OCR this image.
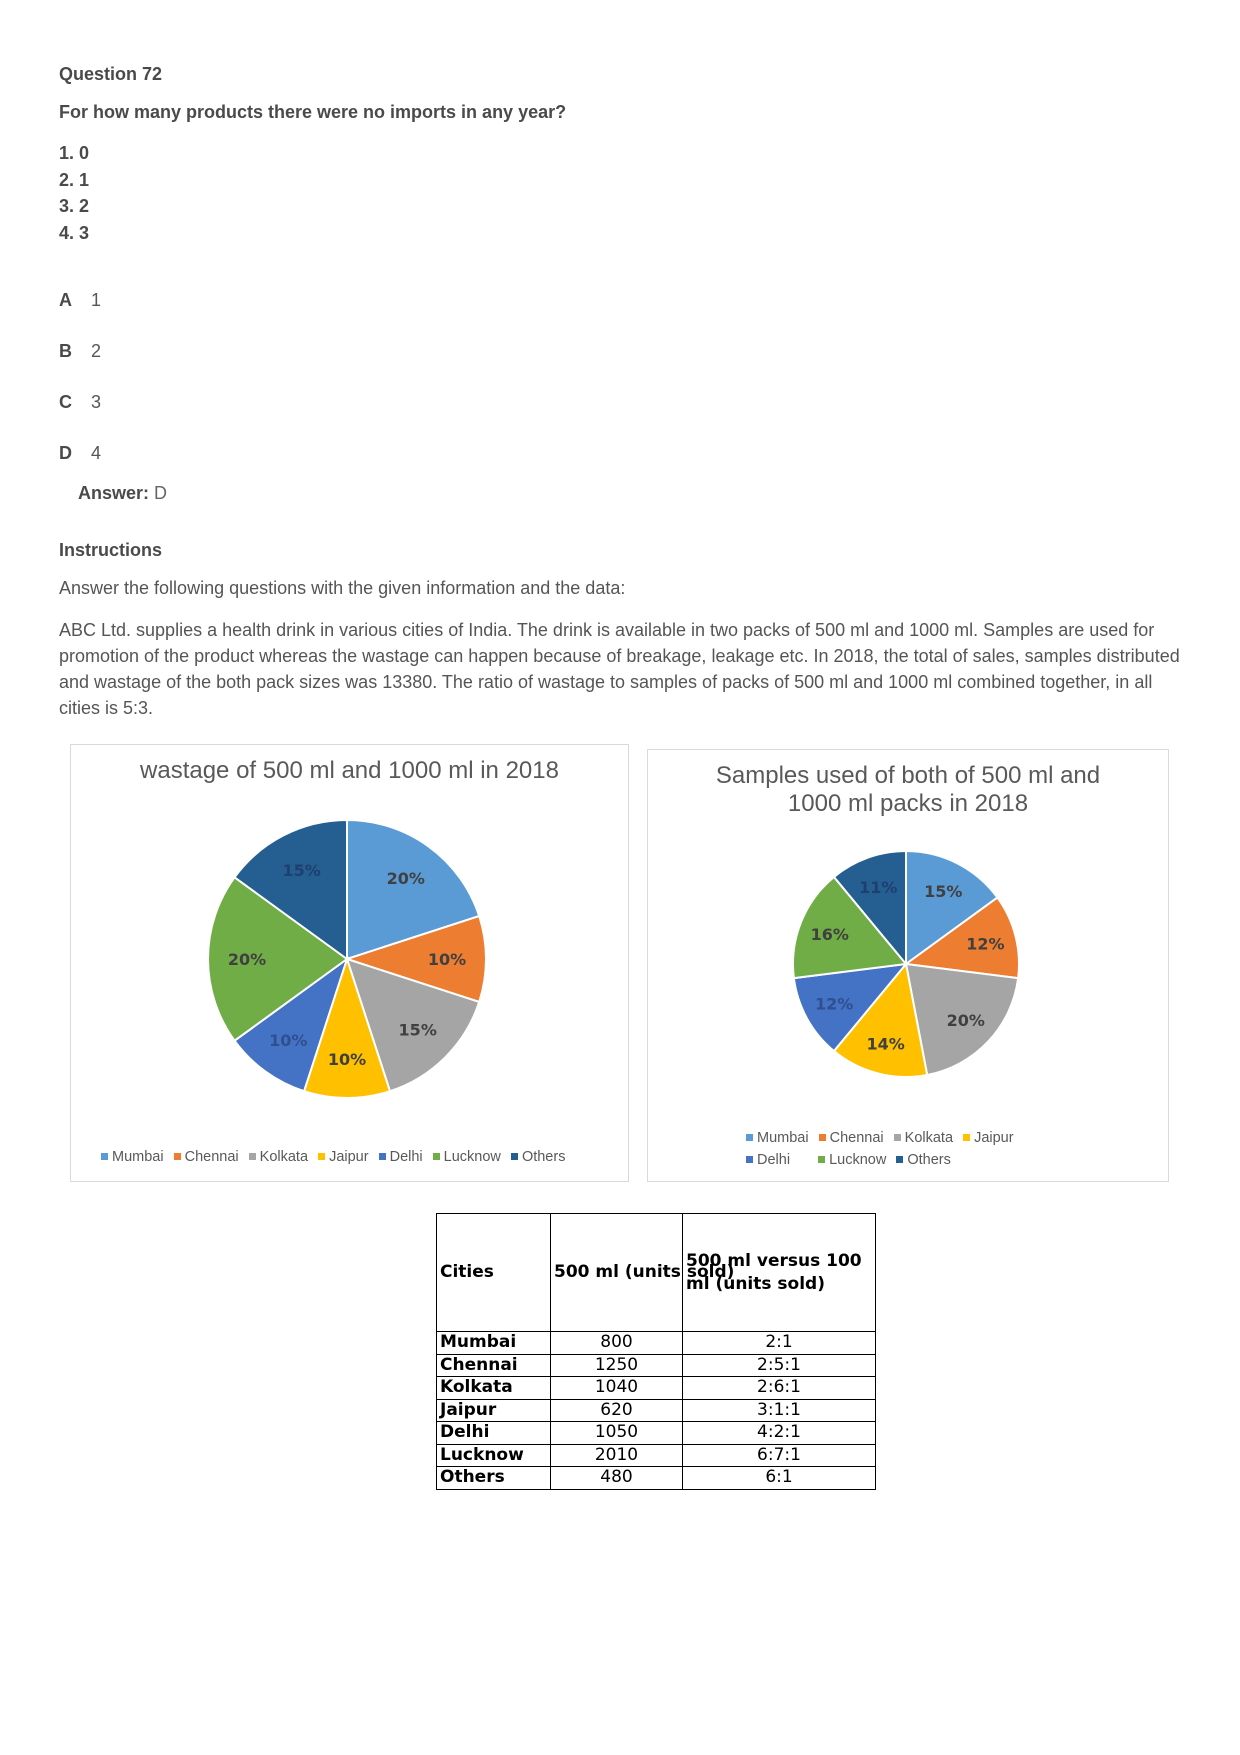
Question 72
For how many products there were no imports in any year?
1. 0
2. 1
3. 2
4. 3
A	1
B	2
C	3
D	4
Answer: D
Instructions
Answer the following questions with the given information and the data:
ABC Ltd. supplies a health drink in various cities of India. The drink is available in two packs of 500 ml and 1000 ml. Samples are used for promotion of the product whereas the wastage can happen because of breakage, leakage etc. In 2018, the total of sales, samples distributed and wastage of the both pack sizes was 13380. The ratio of wastage to samples of packs of 500 ml and 1000 ml combined together, in all cities is 5:3.
wastage of 500 ml and 1000 ml in 2018
20%
10%
15%
10%
10%
20%
15%
Mumbai Chennai Kolkata Jaipur Delhi Lucknow Others
Samples used of both of 500 ml and
1000 ml packs in 2018
15%
12%
20%
14%
12%
16%
11%
Mumbai Chennai Kolkata Jaipur
Delhi	Lucknow Others
Cities	500 ml (units sold)	500 ml versus 100 ml (units sold)
Mumbai	800	2:1
Chennai	1250	2:5:1
Kolkata	1040	2:6:1
Jaipur	620	3:1:1
Delhi	1050	4:2:1
Lucknow	2010	6:7:1
Others	480	6:1
